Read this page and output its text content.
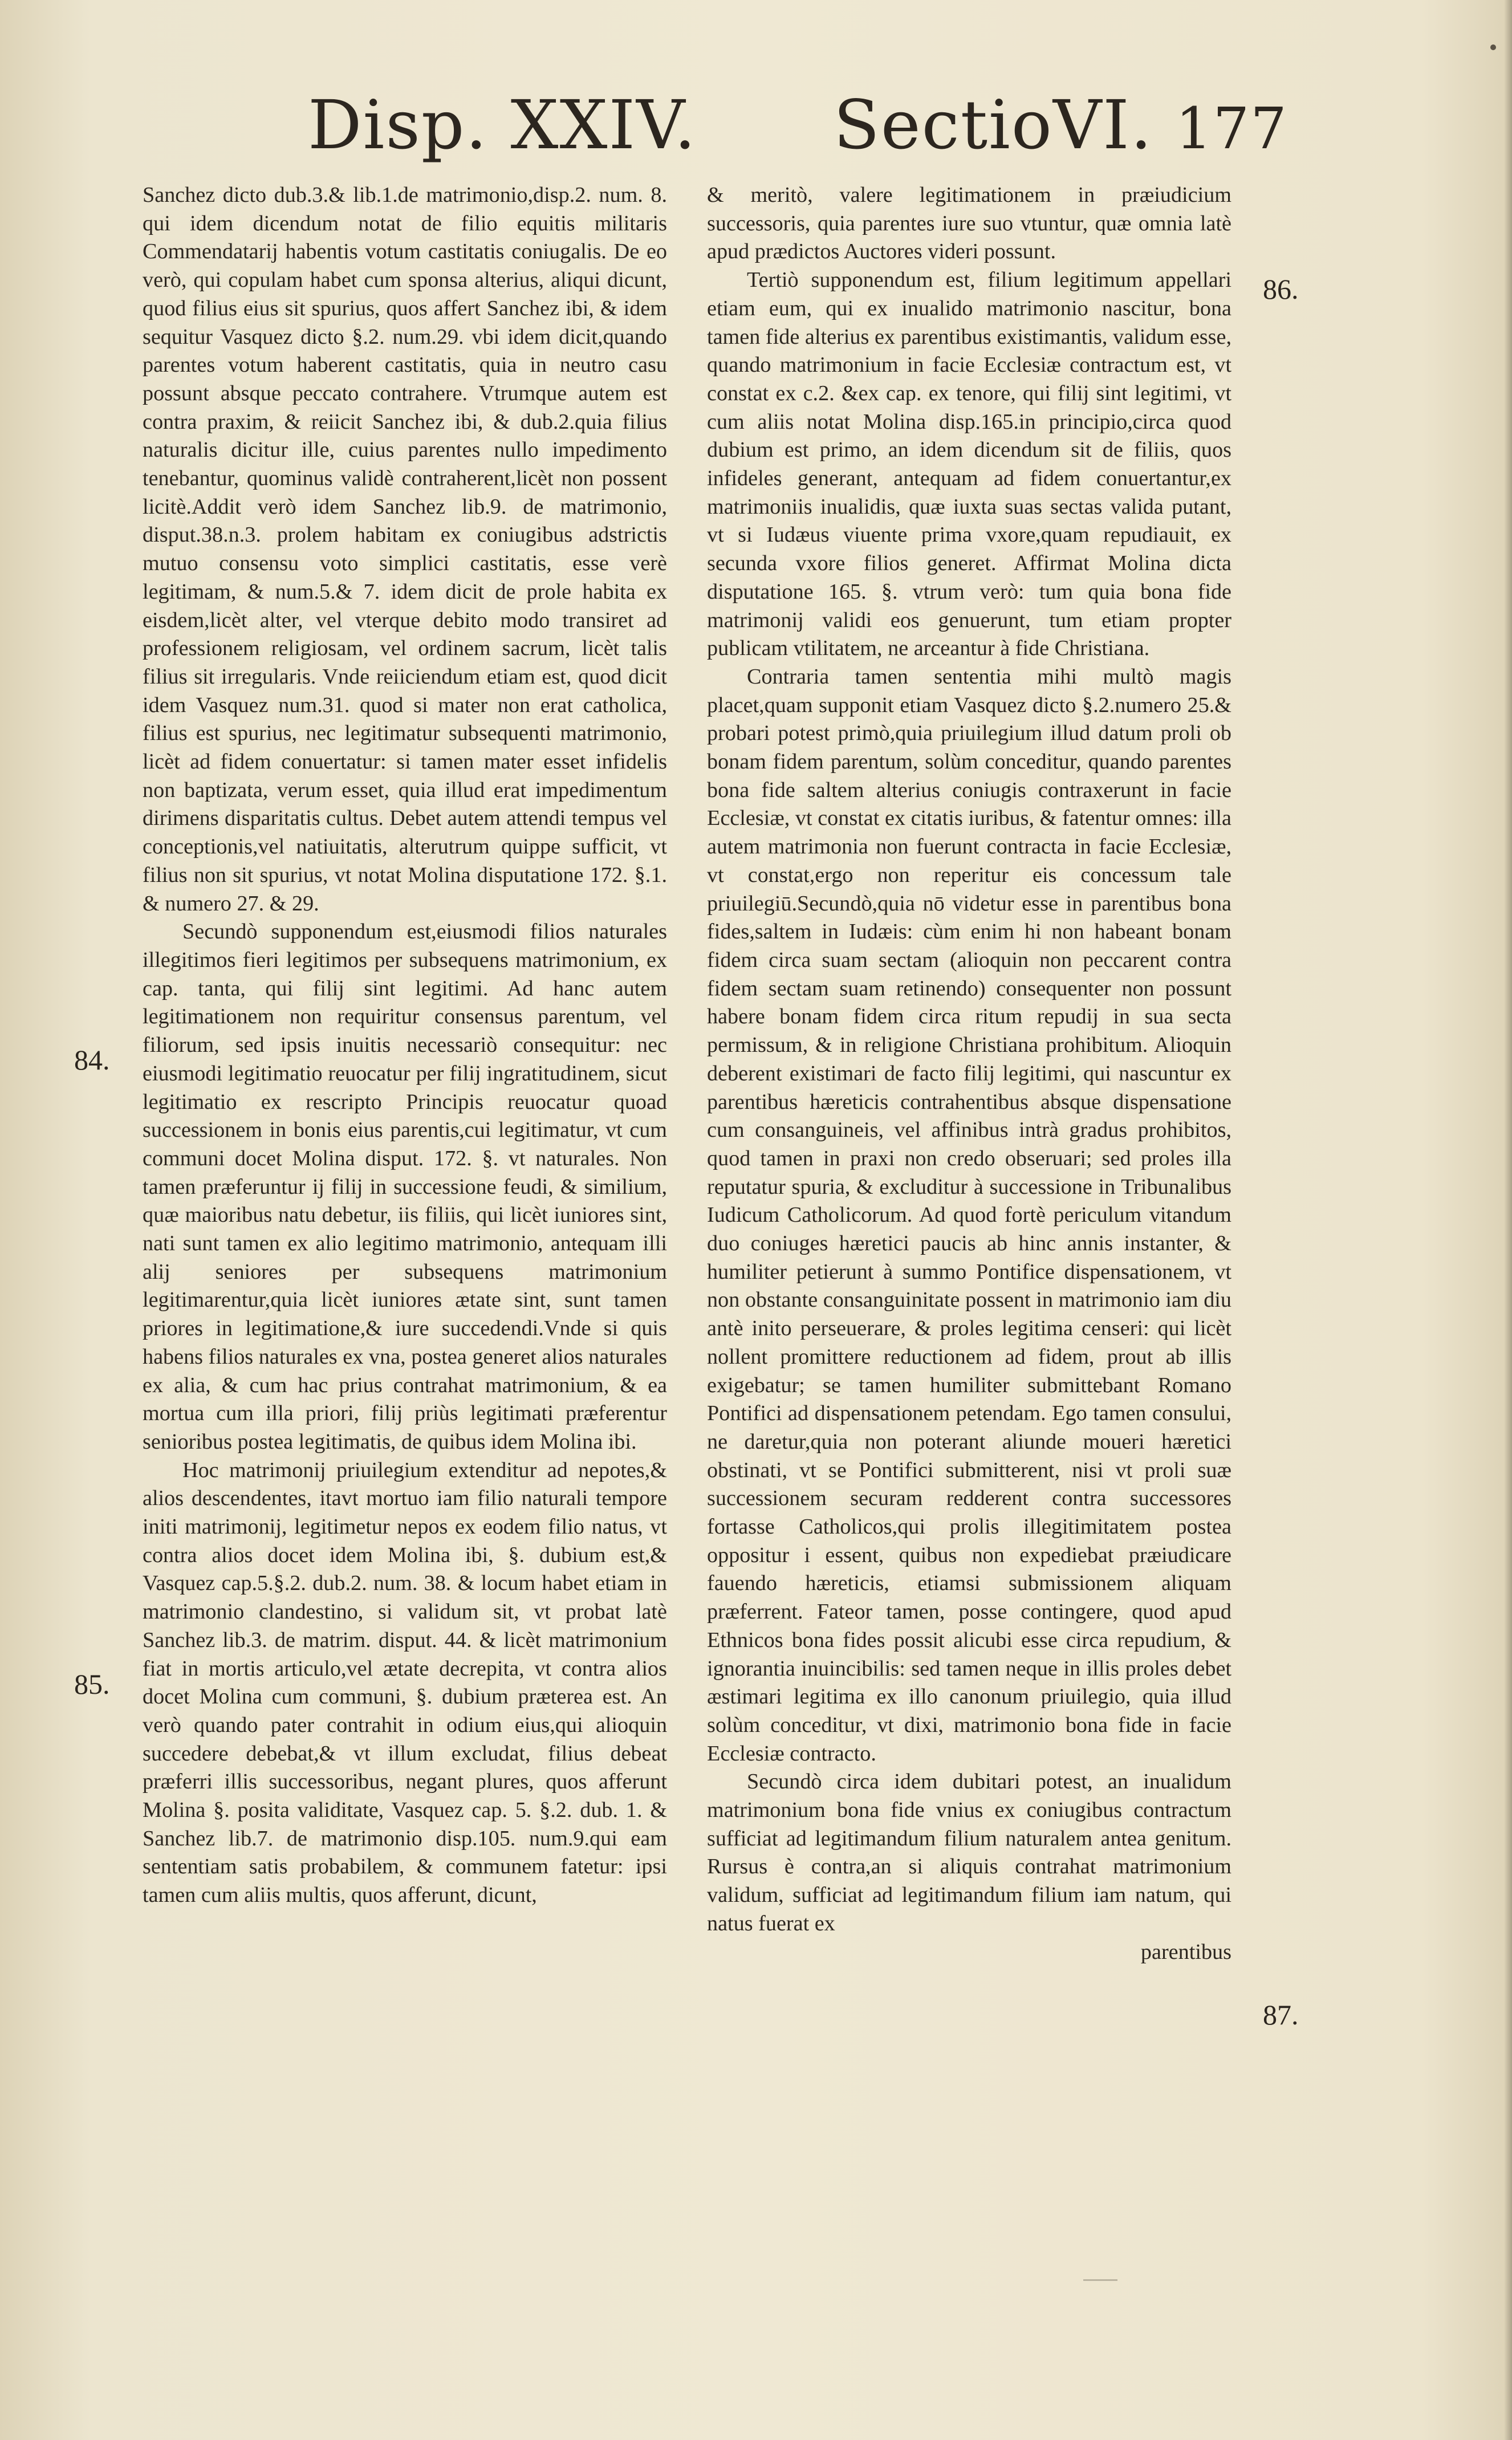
Disp. XXIV. SectioVI. 177
84.
85.
86.
87.

Sanchez dicto dub.3.& lib.1.de matrimonio,disp.2. num. 8. qui idem dicendum notat de filio equitis militaris Commendatarij habentis votum castitatis coniugalis. De eo verò, qui copulam habet cum sponsa alterius, aliqui dicunt, quod filius eius sit spurius, quos affert Sanchez ibi, & idem sequitur Vasquez dicto §.2. num.29. vbi idem dicit,quando parentes votum haberent castitatis, quia in neutro casu possunt absque peccato contrahere. Vtrumque autem est contra praxim, & reiicit Sanchez ibi, & dub.2.quia filius naturalis dicitur ille, cuius parentes nullo impedimento tenebantur, quominus validè contraherent,licèt non possent licitè.Addit verò idem Sanchez lib.9. de matrimonio, disput.38.n.3. prolem habitam ex coniugibus adstrictis mutuo consensu voto simplici castitatis, esse verè legitimam, & num.5.& 7. idem dicit de prole habita ex eisdem,licèt alter, vel vterque debito modo transiret ad professionem religiosam, vel ordinem sacrum, licèt talis filius sit irregularis. Vnde reiiciendum etiam est, quod dicit idem Vasquez num.31. quod si mater non erat catholica, filius est spurius, nec legitimatur subsequenti matrimonio, licèt ad fidem conuertatur: si tamen mater esset infidelis non baptizata, verum esset, quia illud erat impedimentum dirimens disparitatis cultus. Debet autem attendi tempus vel conceptionis,vel natiuitatis, alterutrum quippe sufficit, vt filius non sit spurius, vt notat Molina disputatione 172. §.1. & numero 27. & 29.

Secundò supponendum est,eiusmodi filios naturales illegitimos fieri legitimos per subsequens matrimonium, ex cap. tanta, qui filij sint legitimi. Ad hanc autem legitimationem non requiritur consensus parentum, vel filiorum, sed ipsis inuitis necessariò consequitur: nec eiusmodi legitimatio reuocatur per filij ingratitudinem, sicut legitimatio ex rescripto Principis reuocatur quoad successionem in bonis eius parentis,cui legitimatur, vt cum communi docet Molina disput. 172. §. vt naturales. Non tamen præferuntur ij filij in successione feudi, & similium, quæ maioribus natu debetur, iis filiis, qui licèt iuniores sint, nati sunt tamen ex alio legitimo matrimonio, antequam illi alij seniores per subsequens matrimonium legitimarentur,quia licèt iuniores ætate sint, sunt tamen priores in legitimatione,& iure succedendi.Vnde si quis habens filios naturales ex vna, postea generet alios naturales ex alia, & cum hac prius contrahat matrimonium, & ea mortua cum illa priori, filij priùs legitimati præferentur senioribus postea legitimatis, de quibus idem Molina ibi.

Hoc matrimonij priuilegium extenditur ad nepotes,& alios descendentes, itavt mortuo iam filio naturali tempore initi matrimonij, legitimetur nepos ex eodem filio natus, vt contra alios docet idem Molina ibi, §. dubium est,& Vasquez cap.5.§.2. dub.2. num. 38. & locum habet etiam in matrimonio clandestino, si validum sit, vt probat latè Sanchez lib.3. de matrim. disput. 44. & licèt matrimonium fiat in mortis articulo,vel ætate decrepita, vt contra alios docet Molina cum communi, §. dubium præterea est. An verò quando pater contrahit in odium eius,qui alioquin succedere debebat,& vt illum excludat, filius debeat præferri illis successoribus, negant plures, quos afferunt Molina §. posita validitate, Vasquez cap. 5. §.2. dub. 1. & Sanchez lib.7. de matrimonio disp.105. num.9.qui eam sententiam satis probabilem, & communem fatetur: ipsi tamen cum aliis multis, quos afferunt, dicunt,

& meritò, valere legitimationem in præiudicium successoris, quia parentes iure suo vtuntur, quæ omnia latè apud prædictos Auctores videri possunt.

Tertiò supponendum est, filium legitimum appellari etiam eum, qui ex inualido matrimonio nascitur, bona tamen fide alterius ex parentibus existimantis, validum esse, quando matrimonium in facie Ecclesiæ contractum est, vt constat ex c.2. &ex cap. ex tenore, qui filij sint legitimi, vt cum aliis notat Molina disp.165.in principio,circa quod dubium est primo, an idem dicendum sit de filiis, quos infideles generant, antequam ad fidem conuertantur,ex matrimoniis inualidis, quæ iuxta suas sectas valida putant, vt si Iudæus viuente prima vxore,quam repudiauit, ex secunda vxore filios generet. Affirmat Molina dicta disputatione 165. §. vtrum verò: tum quia bona fide matrimonij validi eos genuerunt, tum etiam propter publicam vtilitatem, ne arceantur à fide Christiana.

Contraria tamen sententia mihi multò magis placet,quam supponit etiam Vasquez dicto §.2.numero 25.& probari potest primò,quia priuilegium illud datum proli ob bonam fidem parentum, solùm conceditur, quando parentes bona fide saltem alterius coniugis contraxerunt in facie Ecclesiæ, vt constat ex citatis iuribus, & fatentur omnes: illa autem matrimonia non fuerunt contracta in facie Ecclesiæ, vt constat,ergo non reperitur eis concessum tale priuilegiū.Secundò,quia nō videtur esse in parentibus bona fides,saltem in Iudæis: cùm enim hi non habeant bonam fidem circa suam sectam (alioquin non peccarent contra fidem sectam suam retinendo) consequenter non possunt habere bonam fidem circa ritum repudij in sua secta permissum, & in religione Christiana prohibitum. Alioquin deberent existimari de facto filij legitimi, qui nascuntur ex parentibus hæreticis contrahentibus absque dispensatione cum consanguineis, vel affinibus intrà gradus prohibitos, quod tamen in praxi non credo obseruari; sed proles illa reputatur spuria, & excluditur à successione in Tribunalibus Iudicum Catholicorum. Ad quod fortè periculum vitandum duo coniuges hæretici paucis ab hinc annis instanter, & humiliter petierunt à summo Pontifice dispensationem, vt non obstante consanguinitate possent in matrimonio iam diu antè inito perseuerare, & proles legitima censeri: qui licèt nollent promittere reductionem ad fidem, prout ab illis exigebatur; se tamen humiliter submittebant Romano Pontifici ad dispensationem petendam. Ego tamen consului, ne daretur,quia non poterant aliunde moueri hæretici obstinati, vt se Pontifici submitterent, nisi vt proli suæ successionem securam redderent contra successores fortasse Catholicos,qui prolis illegitimitatem postea oppositur i essent, quibus non expediebat præiudicare fauendo hæreticis, etiamsi submissionem aliquam præferrent. Fateor tamen, posse contingere, quod apud Ethnicos bona fides possit alicubi esse circa repudium, & ignorantia inuincibilis: sed tamen neque in illis proles debet æstimari legitima ex illo canonum priuilegio, quia illud solùm conceditur, vt dixi, matrimonio bona fide in facie Ecclesiæ contracto.

Secundò circa idem dubitari potest, an inualidum matrimonium bona fide vnius ex coniugibus contractum sufficiat ad legitimandum filium naturalem antea genitum. Rursus è contra,an si aliquis contrahat matrimonium validum, sufficiat ad legitimandum filium iam natum, qui natus fuerat ex

parentibus
